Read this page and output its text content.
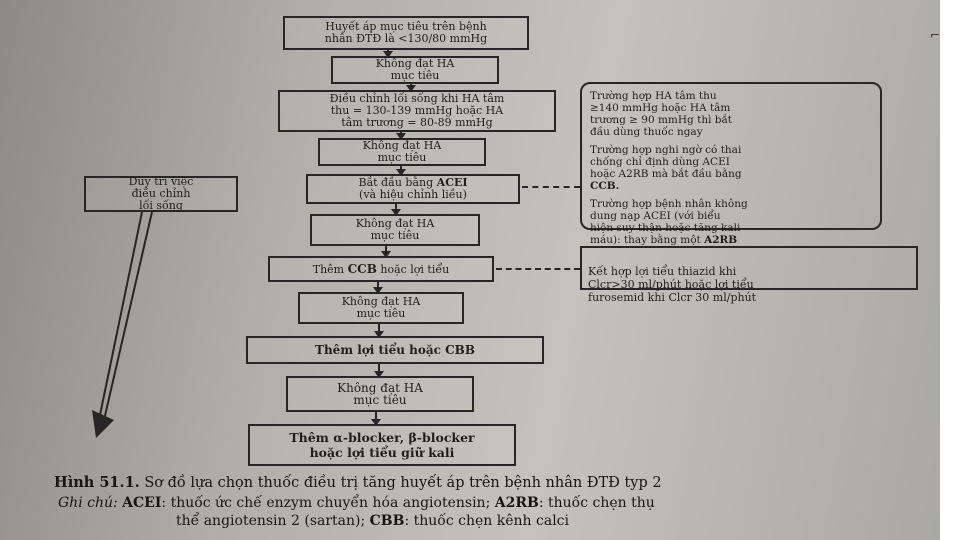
Huyết áp mục tiêu trên bệnh
nhân ĐTĐ là <130/80 mmHg
Không đạt HA
mục tiêu
Điều chỉnh lối sống khi HA tâm
thu = 130-139 mmHg hoặc HA
tâm trương = 80-89 mmHg
Không đạt HA
mục tiêu
Bắt đầu bằng ACEI
(và hiệu chỉnh liều)
Không đạt HA
mục tiêu
Thêm CCB hoặc lợi tiểu
Không đạt HA
mục tiêu
Thêm lợi tiểu hoặc CBB
Không đạt HA
mục tiêu
Thêm α-blocker, β-blocker
hoặc lợi tiểu giữ kali
Duy trì việc
điều chỉnh
lối sống

Trường hợp HA tâm thu
≥140 mmHg hoặc HA tâm
trương ≥ 90 mmHg thì bắt
đầu dùng thuốc ngay

Trường hợp nghi ngờ có thai
chống chỉ định dùng ACEI
hoặc A2RB mà bắt đầu bằng
CCB.

Trường hợp bệnh nhân không
dung nạp ACEI (với biểu
hiện suy thận hoặc tăng kali
máu): thay bằng một A2RB

Kết hợp lợi tiểu thiazid khi
Clcr>30 ml/phút hoặc lợi tiểu
furosemid khi Clcr 30 ml/phút

⌐
Hình 51.1. Sơ đồ lựa chọn thuốc điều trị tăng huyết áp trên bệnh nhân ĐTĐ typ 2
Ghi chú: ACEI: thuốc ức chế enzym chuyển hóa angiotensin; A2RB: thuốc chẹn thụ
thể angiotensin 2 (sartan); CBB: thuốc chẹn kênh calci
